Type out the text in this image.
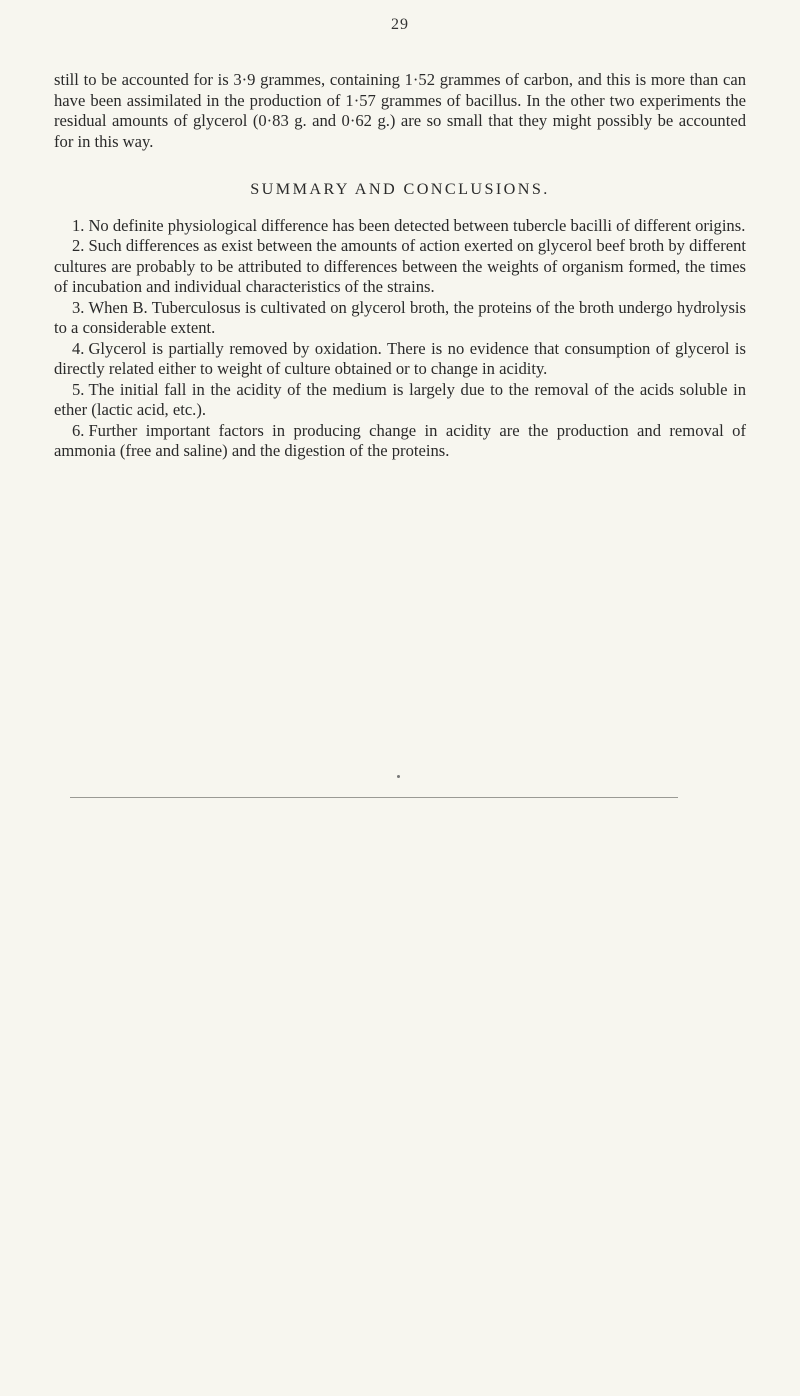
29

still to be accounted for is 3·9 grammes, containing 1·52 grammes of carbon, and this is more than can have been assimilated in the production of 1·57 grammes of bacillus. In the other two experiments the residual amounts of glycerol (0·83 g. and 0·62 g.) are so small that they might possibly be accounted for in this way.

SUMMARY AND CONCLUSIONS.

1. No definite physiological difference has been detected between tubercle bacilli of different origins.

2. Such differences as exist between the amounts of action exerted on glycerol beef broth by different cultures are probably to be attributed to differences between the weights of organism formed, the times of incubation and individual characteristics of the strains.

3. When B. Tuberculosus is cultivated on glycerol broth, the proteins of the broth undergo hydrolysis to a considerable extent.

4. Glycerol is partially removed by oxidation. There is no evidence that consumption of glycerol is directly related either to weight of culture obtained or to change in acidity.

5. The initial fall in the acidity of the medium is largely due to the removal of the acids soluble in ether (lactic acid, etc.).

6. Further important factors in producing change in acidity are the production and removal of ammonia (free and saline) and the digestion of the proteins.
